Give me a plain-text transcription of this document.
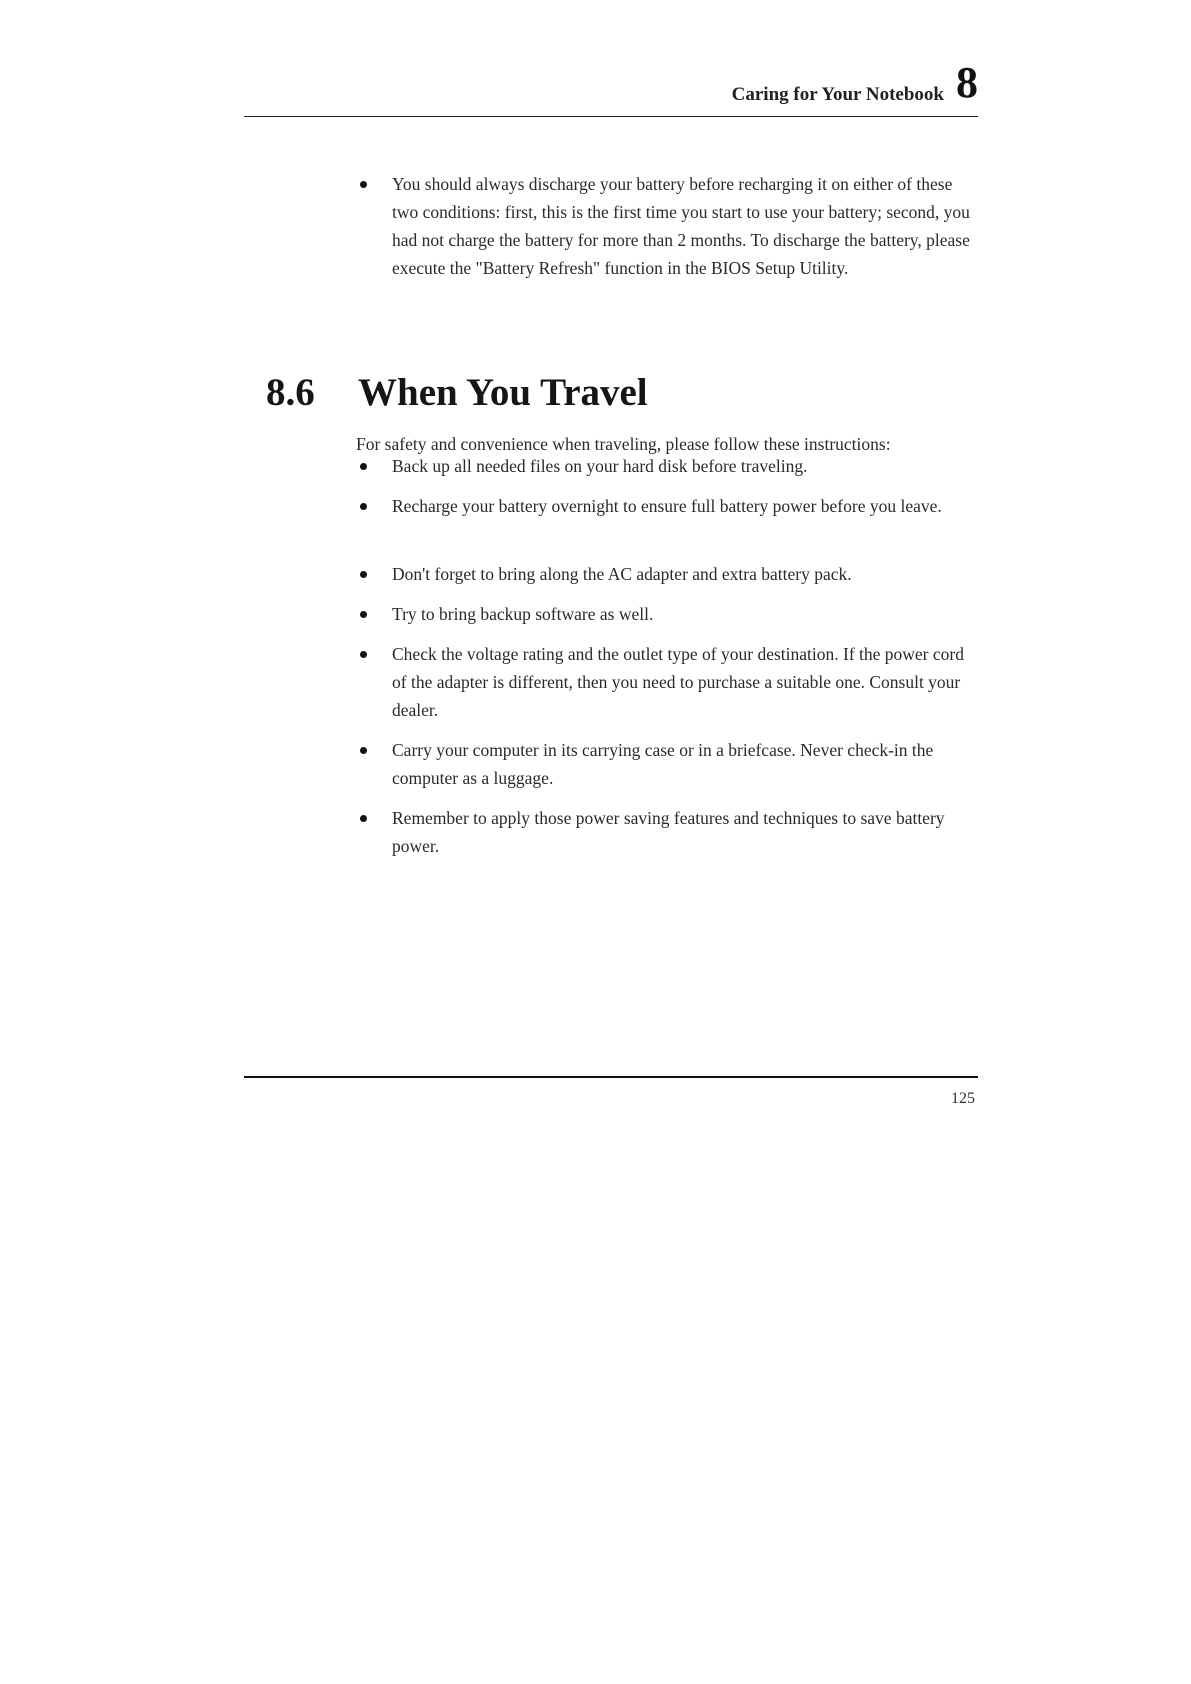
Caring for Your Notebook 8
You should always discharge your battery before recharging it on either of these two conditions: first, this is the first time you start to use your battery; second, you had not charge the battery for more than 2 months. To discharge the battery, please execute the "Battery Refresh" function in the BIOS Setup Utility.
8.6 When You Travel

For safety and convenience when traveling, please follow these instructions:

Back up all needed files on your hard disk before traveling.
Recharge your battery overnight to ensure full battery power before you leave.
Don't forget to bring along the AC adapter and extra battery pack.
Try to bring backup software as well.
Check the voltage rating and the outlet type of your destination. If the power cord of the adapter is different, then you need to purchase a suitable one. Consult your dealer.
Carry your computer in its carrying case or in a briefcase. Never check-in the computer as a luggage.
Remember to apply those power saving features and techniques to save battery power.
125
